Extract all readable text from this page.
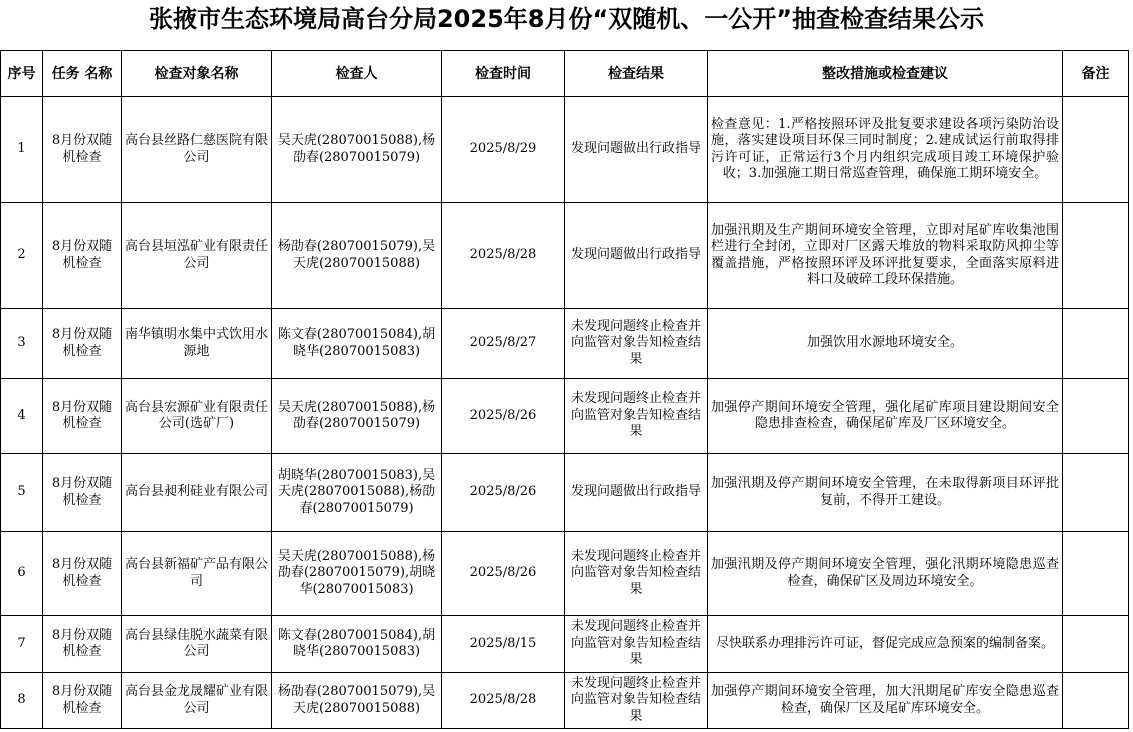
张掖市生态环境局高台分局2025年8月份“双随机、一公开”抽查检查结果公示
序号	任务 名称	检查对象名称	检查人	检查时间	检查结果	整改措施或检查建议	备注
1	8月份双随机检查	高台县丝路仁慈医院有限公司	吴天虎(28070015088),杨劭春(28070015079)	2025/8/29	发现问题做出行政指导	检查意见：1.严格按照环评及批复要求建设各项污染防治设施，落实建设项目环保三同时制度；2.建成试运行前取得排污许可证，正常运行3个月内组织完成项目竣工环境保护验收；3.加强施工期日常巡查管理，确保施工期环境安全。	
2	8月份双随机检查	高台县垣泓矿业有限责任公司	杨劭春(28070015079),吴天虎(28070015088)	2025/8/28	发现问题做出行政指导	加强汛期及生产期间环境安全管理，立即对尾矿库收集池围栏进行全封闭，立即对厂区露天堆放的物料采取防风抑尘等覆盖措施，严格按照环评及环评批复要求，全面落实原料进料口及破碎工段环保措施。	
3	8月份双随机检查	南华镇明水集中式饮用水源地	陈文春(28070015084),胡晓华(28070015083)	2025/8/27	未发现问题终止检查并向监管对象告知检查结果	加强饮用水源地环境安全。	
4	8月份双随机检查	高台县宏源矿业有限责任公司(选矿厂)	吴天虎(28070015088),杨劭春(28070015079)	2025/8/26	未发现问题终止检查并向监管对象告知检查结果	加强停产期间环境安全管理，强化尾矿库项目建设期间安全隐患排查检查，确保尾矿库及厂区环境安全。	
5	8月份双随机检查	高台县昶利硅业有限公司	胡晓华(28070015083),吴天虎(28070015088),杨劭春(28070015079)	2025/8/26	发现问题做出行政指导	加强汛期及停产期间环境安全管理，在未取得新项目环评批复前，不得开工建设。	
6	8月份双随机检查	高台县新福矿产品有限公司	吴天虎(28070015088),杨劭春(28070015079),胡晓华(28070015083)	2025/8/26	未发现问题终止检查并向监管对象告知检查结果	加强汛期及停产期间环境安全管理，强化汛期环境隐患巡查检查，确保矿区及周边环境安全。	
7	8月份双随机检查	高台县绿佳脱水蔬菜有限公司	陈文春(28070015084),胡晓华(28070015083)	2025/8/15	未发现问题终止检查并向监管对象告知检查结果	尽快联系办理排污许可证，督促完成应急预案的编制备案。	
8	8月份双随机检查	高台县金龙晟耀矿业有限公司	杨劭春(28070015079),吴天虎(28070015088)	2025/8/28	未发现问题终止检查并向监管对象告知检查结果	加强停产期间环境安全管理，加大汛期尾矿库安全隐患巡查检查，确保厂区及尾矿库环境安全。	
